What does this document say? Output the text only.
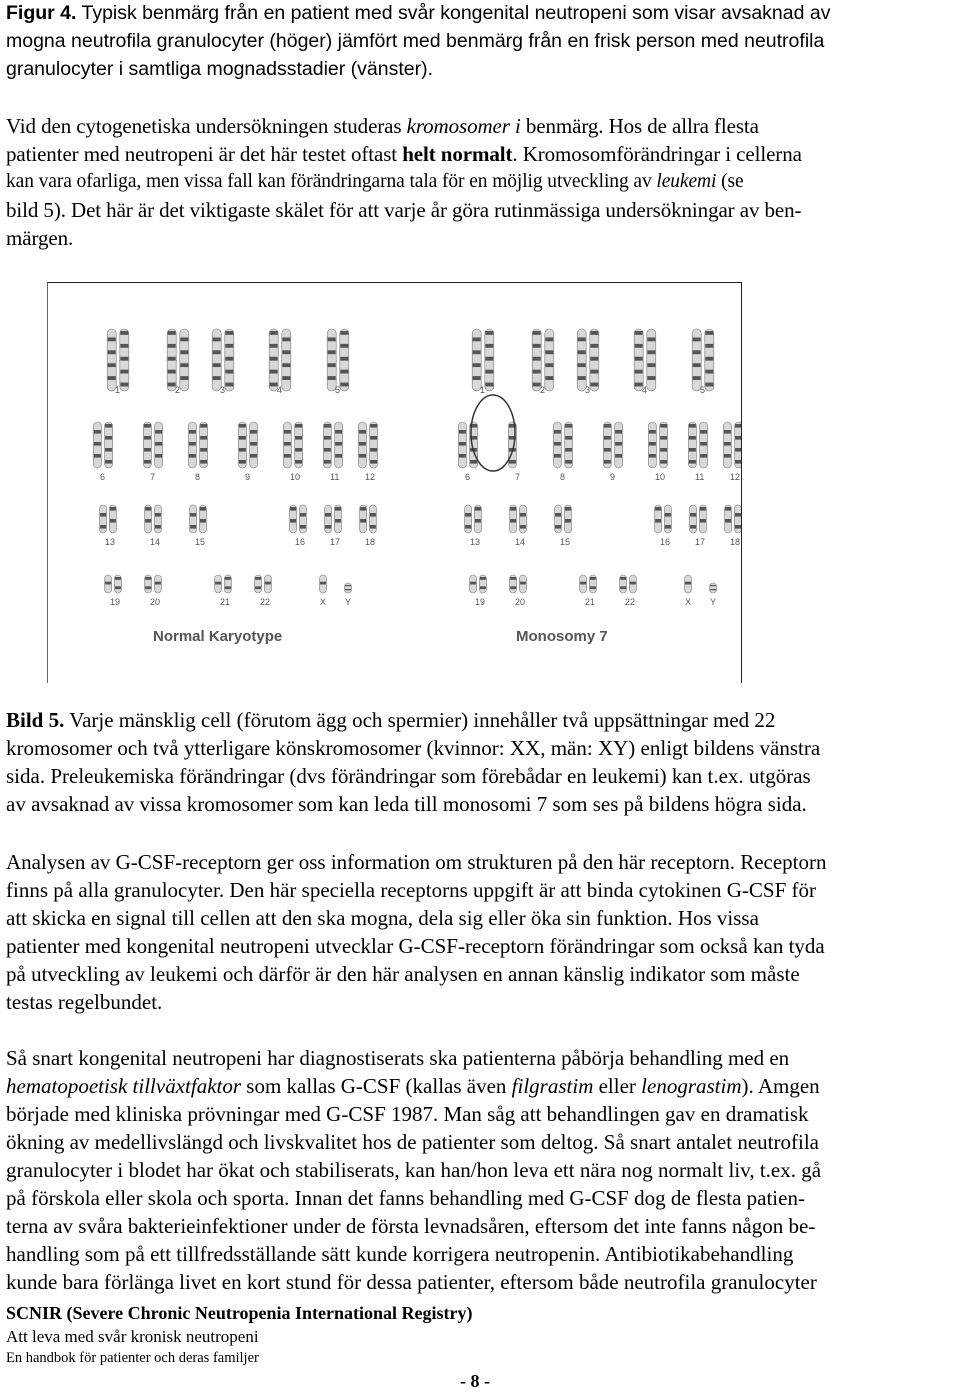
Figur 4. Typisk benmärg från en patient med svår kongenital neutropeni som visar avsaknad av
mogna neutrofila granulocyter (höger) jämfört med benmärg från en frisk person med neutrofila
granulocyter i samtliga mognadsstadier (vänster).
Vid den cytogenetiska undersökningen studeras kromosomer i benmärg. Hos de allra flesta
patienter med neutropeni är det här testet oftast helt normalt. Kromosomförändringar i cellerna
kan vara ofarliga, men vissa fall kan förändringarna tala för en möjlig utveckling av leukemi (se
bild 5). Det här är det viktigaste skälet för att varje år göra rutinmässiga undersökningar av ben-
märgen.
1	2	3	4	5
6	7	8	9	10	11	12
13	14	15	16	17	18
19	20	21	22	X Y
1	2	3	4	5
6	7	8	9	10	11	12
13	14	15	16	17	18
19	20	21	22	X Y
Normal Karyotype	Monosomy 7
Bild 5. Varje mänsklig cell (förutom ägg och spermier) innehåller två uppsättningar med 22
kromosomer och två ytterligare könskromosomer (kvinnor: XX, män: XY) enligt bildens vänstra
sida. Preleukemiska förändringar (dvs förändringar som förebådar en leukemi) kan t.ex. utgöras
av avsaknad av vissa kromosomer som kan leda till monosomi 7 som ses på bildens högra sida.
Analysen av G-CSF-receptorn ger oss information om strukturen på den här receptorn. Receptorn
finns på alla granulocyter. Den här speciella receptorns uppgift är att binda cytokinen G-CSF för
att skicka en signal till cellen att den ska mogna, dela sig eller öka sin funktion. Hos vissa
patienter med kongenital neutropeni utvecklar G-CSF-receptorn förändringar som också kan tyda
på utveckling av leukemi och därför är den här analysen en annan känslig indikator som måste
testas regelbundet.
Så snart kongenital neutropeni har diagnostiserats ska patienterna påbörja behandling med en
hematopoetisk tillväxtfaktor som kallas G-CSF (kallas även filgrastim eller lenograstim). Amgen
började med kliniska prövningar med G-CSF 1987. Man såg att behandlingen gav en dramatisk
ökning av medellivslängd och livskvalitet hos de patienter som deltog. Så snart antalet neutrofila
granulocyter i blodet har ökat och stabiliserats, kan han/hon leva ett nära nog normalt liv, t.ex. gå
på förskola eller skola och sporta. Innan det fanns behandling med G-CSF dog de flesta patien-
terna av svåra bakterieinfektioner under de första levnadsåren, eftersom det inte fanns någon be-
handling som på ett tillfredsställande sätt kunde korrigera neutropenin. Antibiotikabehandling
kunde bara förlänga livet en kort stund för dessa patienter, eftersom både neutrofila granulocyter
SCNIR (Severe Chronic Neutropenia International Registry)
Att leva med svår kronisk neutropeni
En handbok för patienter och deras familjer
- 8 -
